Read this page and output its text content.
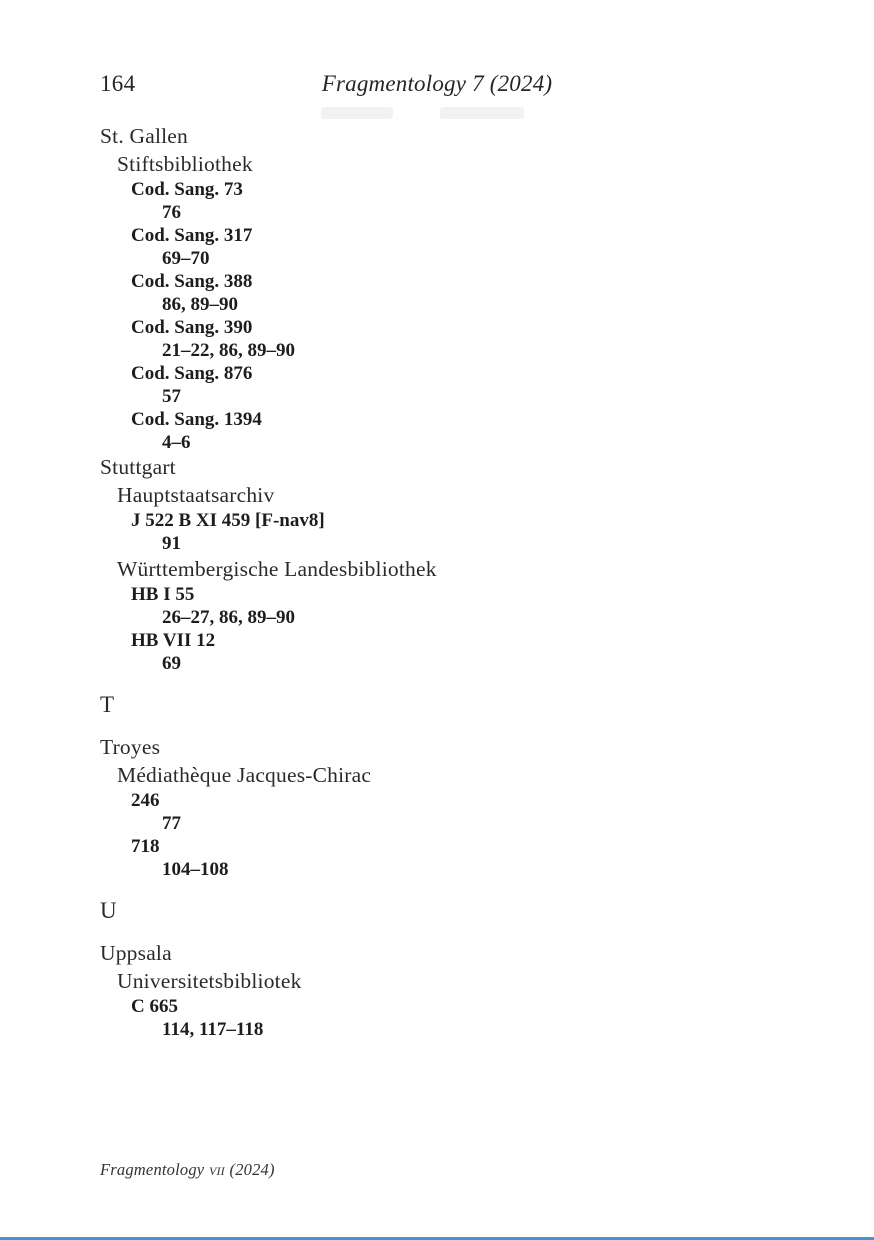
164	Fragmentology 7 (2024)
St. Gallen
Stiftsbibliothek
Cod. Sang. 73
76
Cod. Sang. 317
69–70
Cod. Sang. 388
86, 89–90
Cod. Sang. 390
21–22, 86, 89–90
Cod. Sang. 876
57
Cod. Sang. 1394
4–6
Stuttgart
Hauptstaatsarchiv
J 522 B XI 459 [F-nav8]
91
Württembergische Landesbibliothek
HB I 55
26–27, 86, 89–90
HB VII 12
69
T
Troyes
Médiathèque Jacques-Chirac
246
77
718
104–108
U
Uppsala
Universitetsbibliotek
C 665
114, 117–118
Fragmentology vii (2024)
